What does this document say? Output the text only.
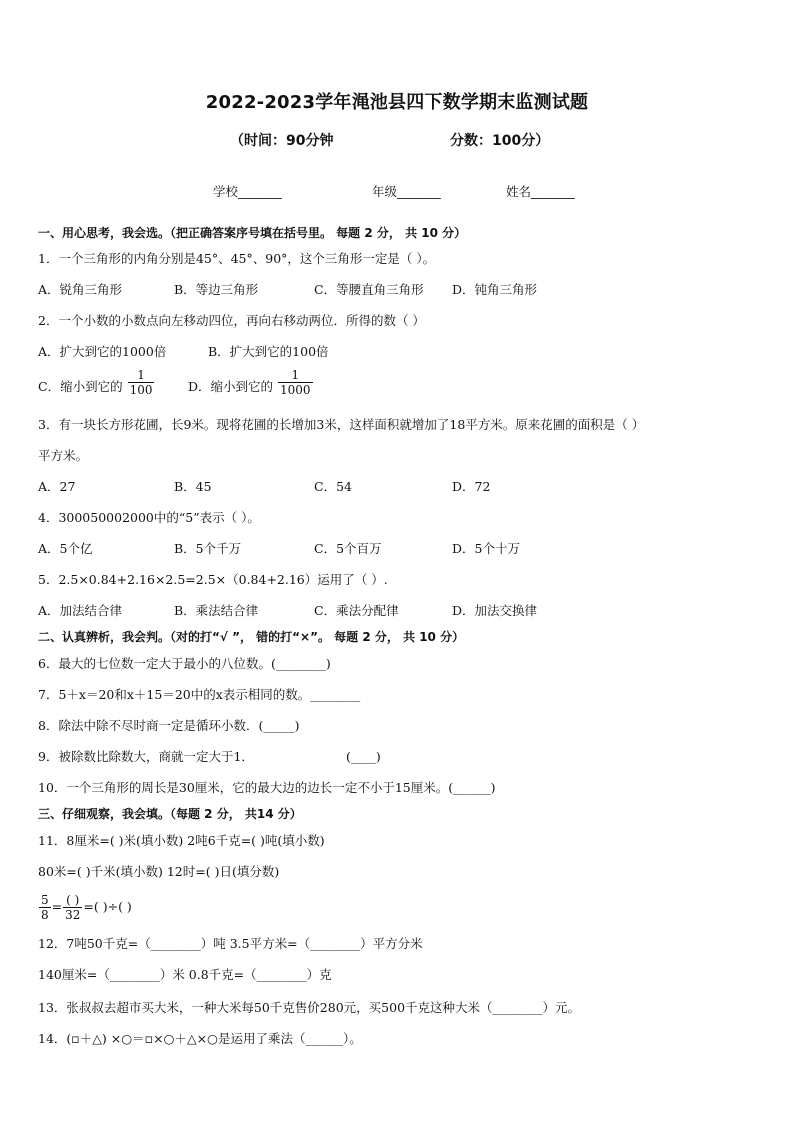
2022-2023学年渑池县四下数学期末监测试题
（时间：90分钟	分数：100分）
学校_______	年级_______	姓名_______
一、用心思考，我会选。（把正确答案序号填在括号里。 每题 2 分， 共 10 分）
1．一个三角形的内角分别是45°、45°、90°，这个三角形一定是（ ）。
A．锐角三角形	B．等边三角形	C．等腰直角三角形 D．钝角三角形
2．一个小数的小数点向左移动四位，再向右移动两位．所得的数（ ）
A．扩大到它的1000倍	B．扩大到它的100倍
C．缩小到它的 $\frac{1}{100}$	D．缩小到它的 $\frac{1}{1000}$
3．有一块长方形花圃，长9米。现将花圃的长增加3米，这样面积就增加了18平方米。原来花圃的面积是（ ）
平方米。
A．27	B．45	C．54	D．72
4．300050002000中的“5”表示（ ）。
A．5个亿	B．5个千万	C．5个百万	D．5个十万
5．2.5×0.84+2.16×2.5=2.5×（0.84+2.16）运用了（ ）.
A．加法结合律	B．乘法结合律	C．乘法分配律	D．加法交换律
二、认真辨析，我会判。（对的打“√ ”， 错的打“×”。 每题 2 分， 共 10 分）
6．最大的七位数一定大于最小的八位数。(________)
7．5＋x＝20和x＋15＝20中的x表示相同的数。________
8．除法中除不尽时商一定是循环小数．(_____)
9．被除数比除数大，商就一定大于1．	(____)
10．一个三角形的周长是30厘米，它的最大边的边长一定不小于15厘米。(______)
三、仔细观察，我会填。（每题 2 分， 共14 分）
11．8厘米=( )米(填小数) 2吨6千克=( )吨(填小数)
80米=( )千米(填小数) 12时=( )日(填分数)
$\frac{5}{8} = \frac{( )}{32}$ =( )÷( )
12．7吨50千克=（________）吨 3.5平方米=（________）平方分米
140厘米=（________）米 0.8千克=（________）克
13．张叔叔去超市买大米，一种大米每50千克售价280元，买500千克这种大米（________）元。
14．(▫＋△) ×○＝▫×○＋△×○是运用了乘法（______）。
